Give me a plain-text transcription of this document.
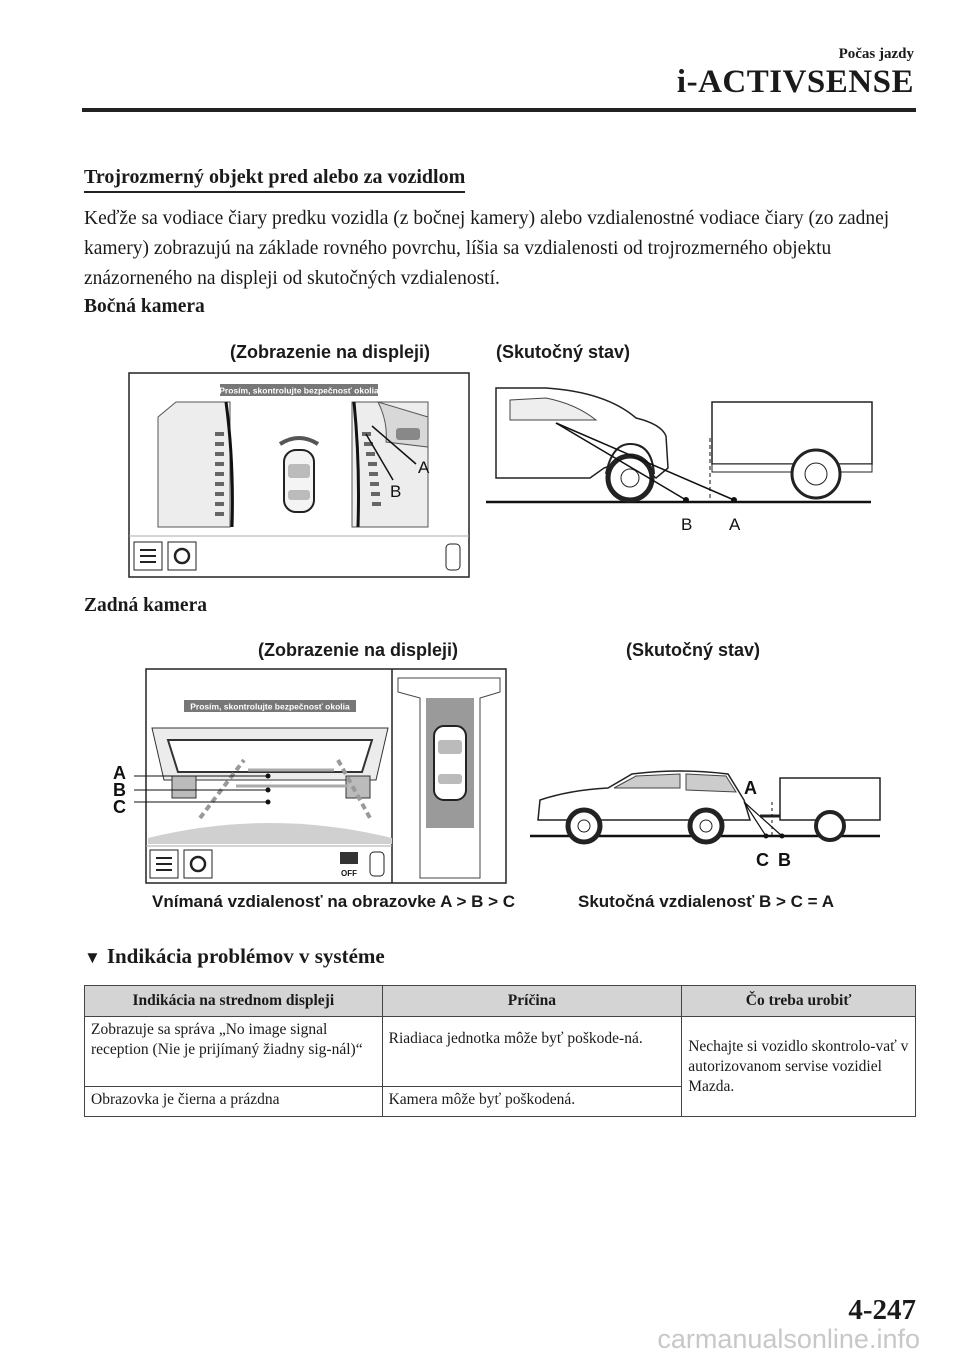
Počas jazdy
i-ACTIVSENSE
Trojrozmerný objekt pred alebo za vozidlom

Keďže sa vodiace čiary predku vozidla (z bočnej kamery) alebo vzdialenostné vodiace čiary (zo zadnej kamery) zobrazujú na základe rovného povrchu, líšia sa vzdialenosti od trojrozmerného objektu znázorneného na displeji od skutočných vzdialeností.

Bočná kamera
(Zobrazenie na displeji)	(Skutočný stav)
Prosím, skontrolujte bezpečnosť okolia
A
B
B A
Zadná kamera
(Zobrazenie na displeji)	(Skutočný stav)
Prosím, skontrolujte bezpečnosť okolia
A
B
C
OFF
A
C B
Vnímaná vzdialenosť na obrazovke A > B > C	Skutočná vzdialenosť B > C = A
▼ Indikácia problémov v systéme
Indikácia na strednom displeji	Príčina	Čo treba urobiť
Zobrazuje sa správa „No image signal reception (Nie je prijímaný žiadny sig-nál)“	Riadiaca jednotka môže byť poškode-ná.	Nechajte si vozidlo skontrolo-vať v autorizovanom servise vozidiel Mazda.
Obrazovka je čierna a prázdna	Kamera môže byť poškodená.	
4-247
carmanualsonline.info
